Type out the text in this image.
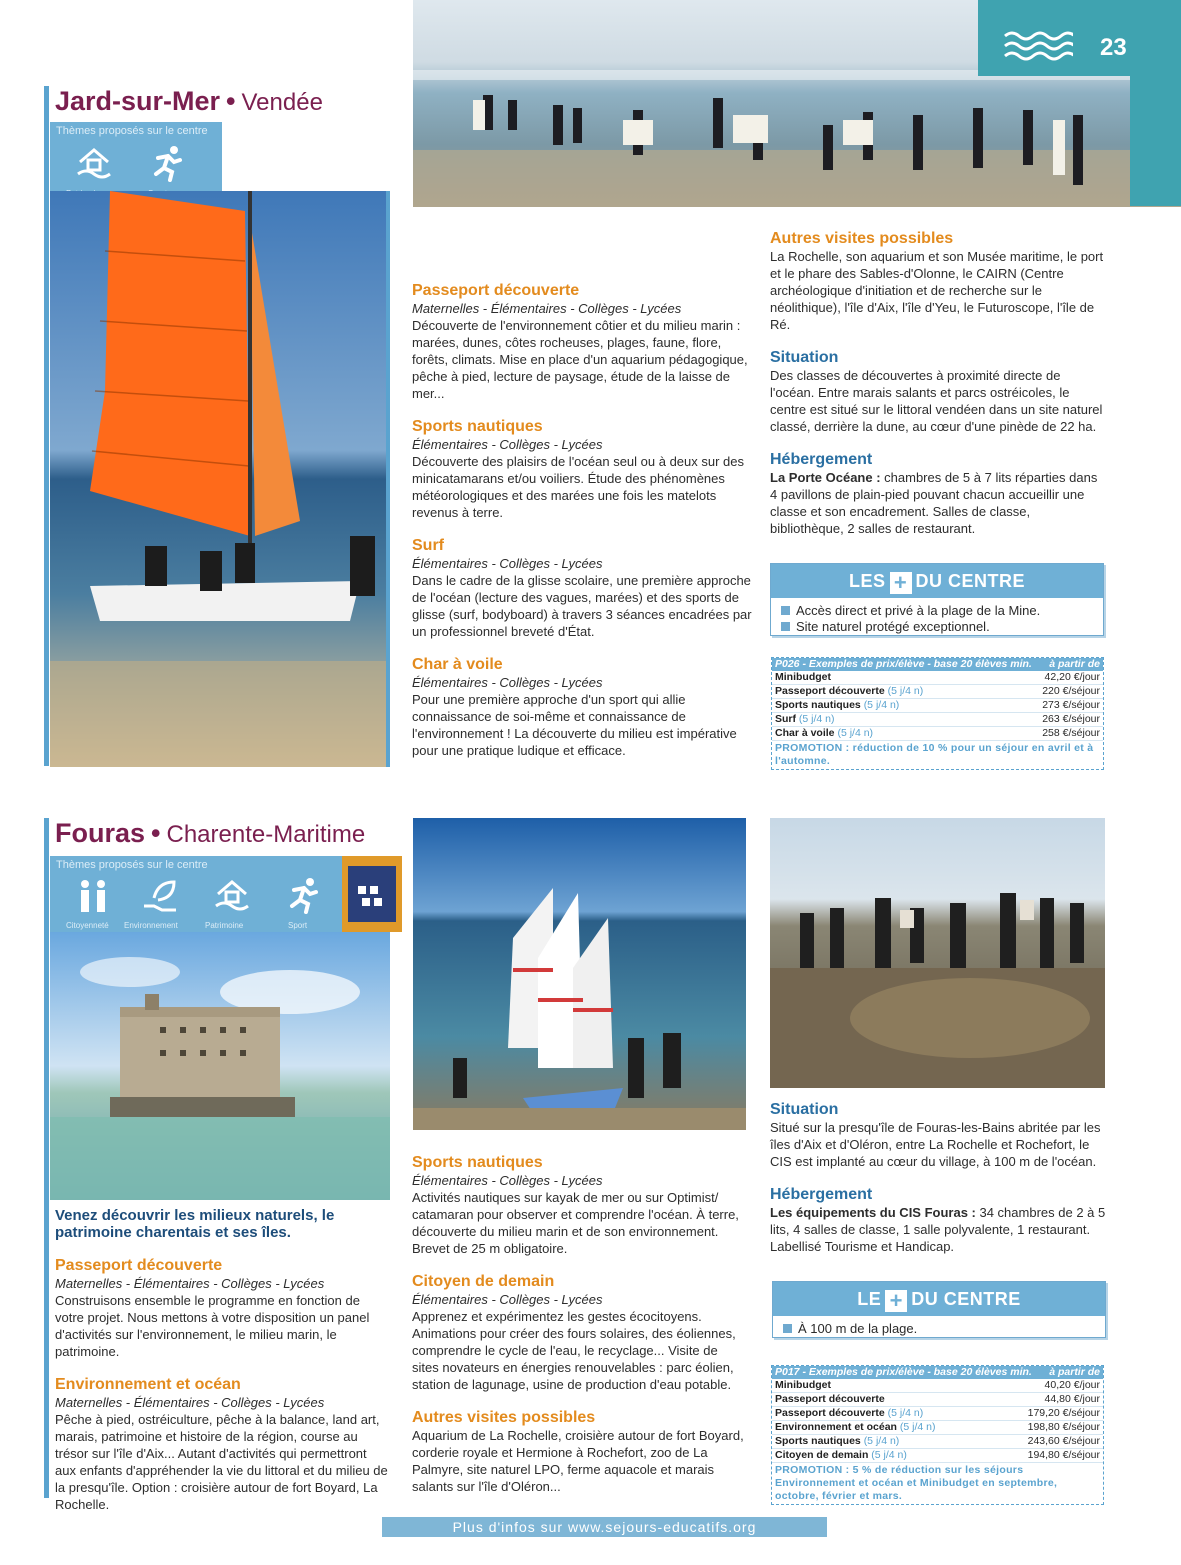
23
Jard-sur-Mer • Vendée
Thèmes proposés sur le centre
Passeport découverte

Maternelles - Élémentaires - Collèges - Lycées

Découverte de l'environnement côtier et du milieu marin : marées, dunes, côtes rocheuses, plages, faune, flore, forêts, climats. Mise en place d'un aquarium pédagogique, pêche à pied, lecture de paysage, étude de la laisse de mer...

Sports nautiques

Élémentaires - Collèges - Lycées

Découverte des plaisirs de l'océan seul ou à deux sur des minicatamarans et/ou voiliers. Étude des phénomènes météorologiques et des marées une fois les matelots revenus à terre.

Surf

Élémentaires - Collèges - Lycées

Dans le cadre de la glisse scolaire, une première approche de l'océan (lecture des vagues, marées) et des sports de glisse (surf, bodyboard) à travers 3 séances encadrées par un professionnel breveté d'État.

Char à voile

Élémentaires - Collèges - Lycées

Pour une première approche d'un sport qui allie connaissance de soi-même et connaissance de l'environnement ! La découverte du milieu est impérative pour une pratique ludique et efficace.

Autres visites possibles

La Rochelle, son aquarium et son Musée maritime, le port et le phare des Sables-d'Olonne, le CAIRN (Centre archéologique d'initiation et de recherche sur le néolithique), l'île d'Aix, l'île d'Yeu, le Futuroscope, l'île de Ré.

Situation

Des classes de découvertes à proximité directe de l'océan. Entre marais salants et parcs ostréicoles, le centre est situé sur le littoral vendéen dans un site naturel classé, derrière la dune, au cœur d'une pinède de 22 ha.

Hébergement

La Porte Océane : chambres de 5 à 7 lits réparties dans 4 pavillons de plain-pied pouvant chacun accueillir une classe et son encadrement. Salles de classe, bibliothèque, 2 salles de restaurant.

LES + DU CENTRE
Accès direct et privé à la plage de la Mine.
Site naturel protégé exceptionnel.
P026 - Exemples de prix/élève - base 20 élèves min. à partir de
Minibudget	42,20 €/jour
Passeport découverte (5 j/4 n)	220 €/séjour
Sports nautiques (5 j/4 n)	273 €/séjour
Surf (5 j/4 n)	263 €/séjour
Char à voile (5 j/4 n)	258 €/séjour
PROMOTION : réduction de 10 % pour un séjour en avril et à l'automne.
Fouras • Charente-Maritime
Thèmes proposés sur le centre
Citoyenneté Environnement	Patrimoine	Sport

Venez découvrir les milieux naturels, le patrimoine charentais et ses îles.

Passeport découverte

Maternelles - Élémentaires - Collèges - Lycées

Construisons ensemble le programme en fonction de votre projet. Nous mettons à votre disposition un panel d'activités sur l'environnement, le milieu marin, le patrimoine.

Environnement et océan

Maternelles - Élémentaires - Collèges - Lycées

Pêche à pied, ostréiculture, pêche à la balance, land art, marais, patrimoine et histoire de la région, course au trésor sur l'île d'Aix... Autant d'activités qui permettront aux enfants d'appréhender la vie du littoral et du milieu de la presqu'île. Option : croisière autour de fort Boyard, La Rochelle.

Sports nautiques

Élémentaires - Collèges - Lycées

Activités nautiques sur kayak de mer ou sur Optimist/ catamaran pour observer et comprendre l'océan. À terre, découverte du milieu marin et de son environnement. Brevet de 25 m obligatoire.

Citoyen de demain

Élémentaires - Collèges - Lycées

Apprenez et expérimentez les gestes écocitoyens. Animations pour créer des fours solaires, des éoliennes, comprendre le cycle de l'eau, le recyclage... Visite de sites novateurs en énergies renouvelables : parc éolien, station de lagunage, usine de production d'eau potable.

Autres visites possibles

Aquarium de La Rochelle, croisière autour de fort Boyard, corderie royale et Hermione à Rochefort, zoo de La Palmyre, site naturel LPO, ferme aquacole et marais salants sur l'île d'Oléron...

Situation

Situé sur la presqu'île de Fouras-les-Bains abritée par les îles d'Aix et d'Oléron, entre La Rochelle et Rochefort, le CIS est implanté au cœur du village, à 100 m de l'océan.

Hébergement

Les équipements du CIS Fouras : 34 chambres de 2 à 5 lits, 4 salles de classe, 1 salle polyvalente, 1 restaurant. Labellisé Tourisme et Handicap.

LE + DU CENTRE
À 100 m de la plage.
P017 - Exemples de prix/élève - base 20 élèves min. à partir de
Minibudget	40,20 €/jour
Passeport découverte	44,80 €/jour
Passeport découverte (5 j/4 n)	179,20 €/séjour
Environnement et océan (5 j/4 n)	198,80 €/séjour
Sports nautiques (5 j/4 n)	243,60 €/séjour
Citoyen de demain (5 j/4 n)	194,80 €/séjour
PROMOTION : 5 % de réduction sur les séjours Environnement et océan et Minibudget en septembre, octobre, février et mars.
Plus d'infos sur www.sejours-educatifs.org
